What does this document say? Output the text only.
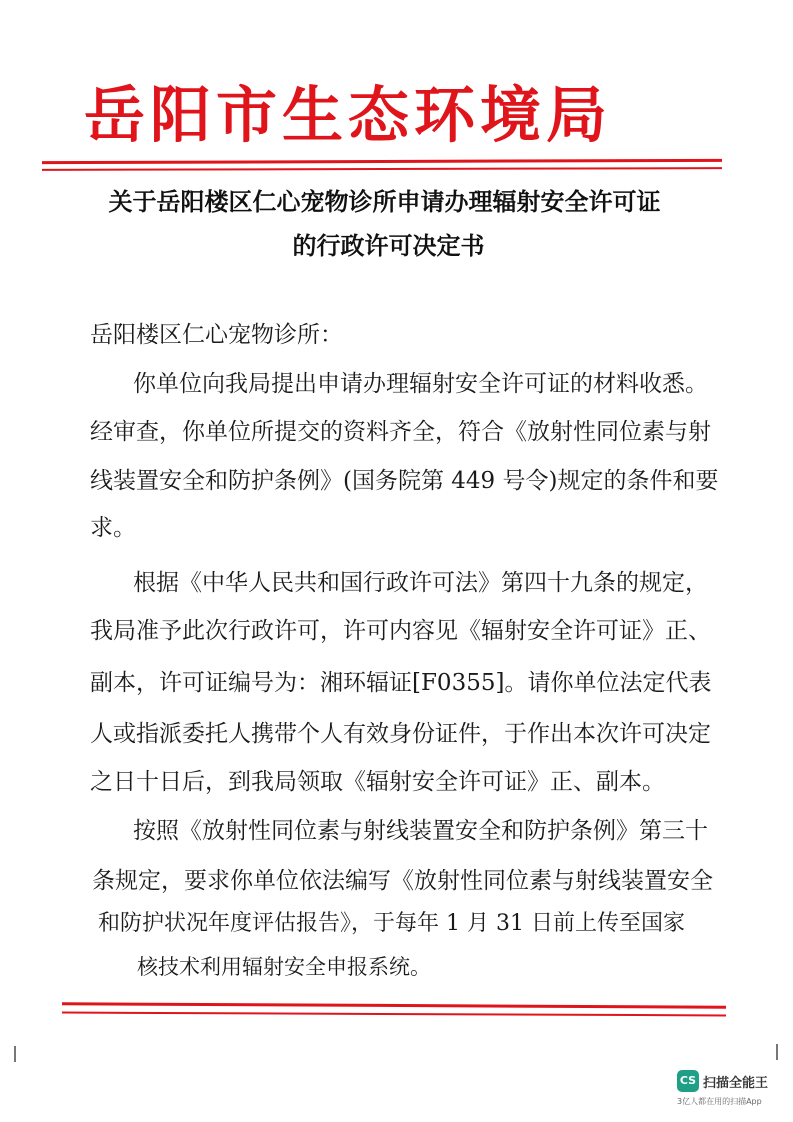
岳阳市生态环境局
关于岳阳楼区仁心宠物诊所申请办理辐射安全许可证
的行政许可决定书
岳阳楼区仁心宠物诊所：
你单位向我局提出申请办理辐射安全许可证的材料收悉。
经审查，你单位所提交的资料齐全，符合《放射性同位素与射
线装置安全和防护条例》(国务院第 449 号令)规定的条件和要
求。
根据《中华人民共和国行政许可法》第四十九条的规定，
我局准予此次行政许可，许可内容见《辐射安全许可证》正、
副本，许可证编号为：湘环辐证[F0355]。请你单位法定代表
人或指派委托人携带个人有效身份证件，于作出本次许可决定
之日十日后，到我局领取《辐射安全许可证》正、副本。
按照《放射性同位素与射线装置安全和防护条例》第三十
条规定，要求你单位依法编写《放射性同位素与射线装置安全
和防护状况年度评估报告》，于每年 1 月 31 日前上传至国家
核技术利用辐射安全申报系统。
CS 扫描全能王
3亿人都在用的扫描App
